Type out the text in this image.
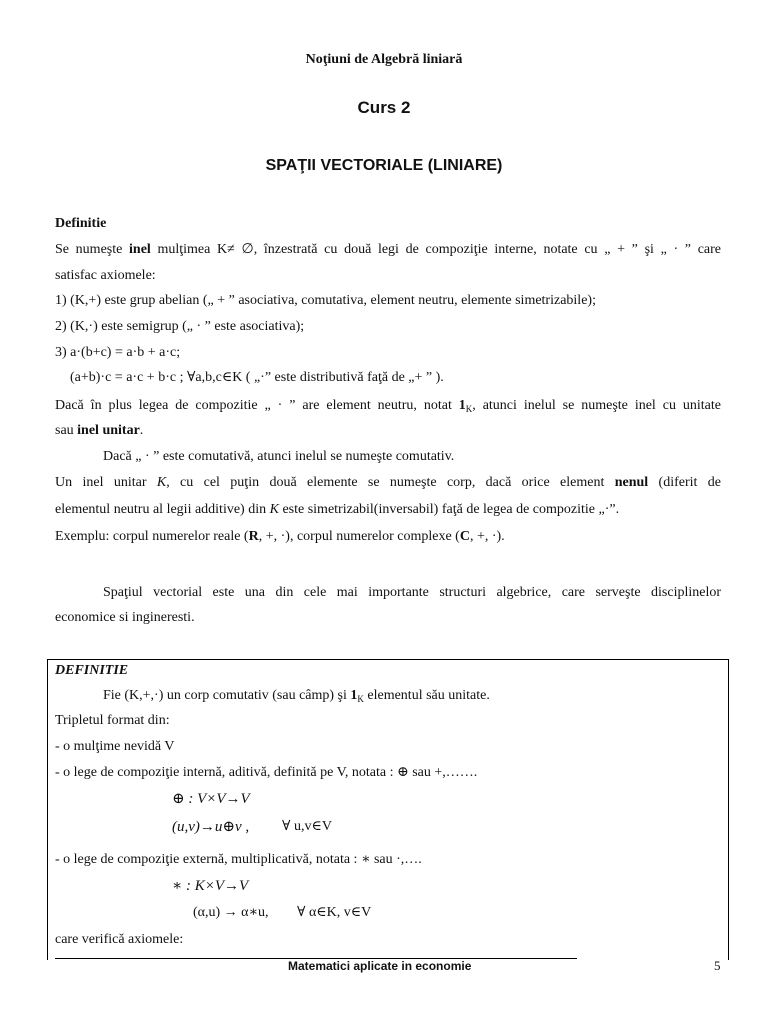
Noţiuni de Algebră liniară
Curs 2
SPAŢII VECTORIALE (LINIARE)
Definitie
Se numeşte inel mulţimea K≠ ∅, înzestrată cu două legi de compoziţie interne, notate cu „ + ” şi „ · ” care
satisfac axiomele:
1) (K,+) este grup abelian („ + ” asociativa, comutativa, element neutru, elemente simetrizabile);
2) (K,·) este semigrup („ · ” este asociativa);
3) a·(b+c) = a·b + a·c;
(a+b)·c = a·c + b·c ; ∀a,b,c∈K ( „·” este distributivă faţă de „+ ” ).
Dacă în plus legea de compozitie „ · ” are element neutru, notat $1_K$, atunci inelul se numeşte inel cu unitate
sau inel unitar.
Dacă „ · ” este comutativă, atunci inelul se numeşte comutativ.
Un inel unitar K, cu cel puţin două elemente se numeşte corp, dacă orice element nenul (diferit de
elementul neutru al legii additive) din K este simetrizabil(inversabil) faţă de legea de compozitie „·”.
Exemplu: corpul numerelor reale (R, +, ·), corpul numerelor complexe (C, +, ·).
Spaţiul vectorial este una din cele mai importante structuri algebrice, care serveşte disciplinelor
economice si ingineresti.
DEFINITIE
Fie (K,+,·) un corp comutativ (sau câmp) şi $1_K$ elementul său unitate.
Tripletul format din:
- o mulţime nevidă V
- o lege de compoziţie internă, aditivă, definită pe V, notata : ⊕ sau +,…….
⊕ : V×V→V
(u,v)→u⊕v , ∀ u,v∈V
- o lege de compoziţie externă, multiplicativă, notata : ∗ sau ·,….
∗ : K×V→V
(α,u) → α∗u, ∀ α∈K, v∈V
care verifică axiomele:
Matematici aplicate in economie	5
